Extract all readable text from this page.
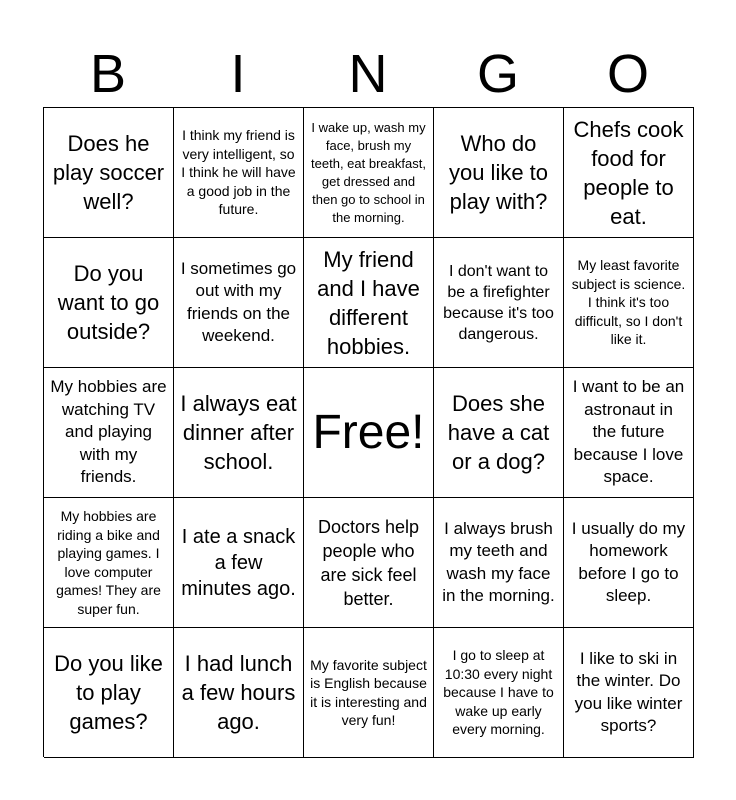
B	I	N	G	O
Does he play soccer well?
I think my friend is very intelligent, so I think he will have a good job in the future.
I wake up, wash my face, brush my teeth, eat breakfast, get dressed and then go to school in the morning.
Who do you like to play with?
Chefs cook food for people to eat.
Do you want to go outside?
I sometimes go out with my friends on the weekend.
My friend and I have different hobbies.
I don't want to be a firefighter because it's too dangerous.
My least favorite subject is science. I think it's too difficult, so I don't like it.
My hobbies are watching TV and playing with my friends.
I always eat dinner after school.
Free!
Does she have a cat or a dog?
I want to be an astronaut in the future because I love space.
My hobbies are riding a bike and playing games. I love computer games! They are super fun.
I ate a snack a few minutes ago.
Doctors help people who are sick feel better.
I always brush my teeth and wash my face in the morning.
I usually do my homework before I go to sleep.
Do you like to play games?
I had lunch a few hours ago.
My favorite subject is English because it is interesting and very fun!
I go to sleep at 10:30 every night because I have to wake up early every morning.
I like to ski in the winter. Do you like winter sports?
